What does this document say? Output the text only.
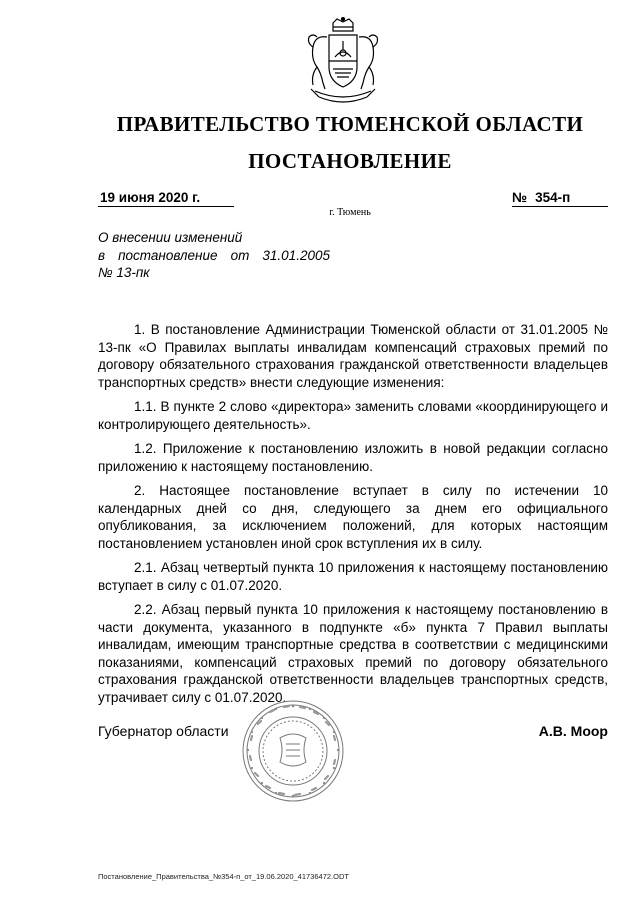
ПРАВИТЕЛЬСТВО ТЮМЕНСКОЙ ОБЛАСТИ
ПОСТАНОВЛЕНИЕ
19 июня 2020 г.	№ 354-п
г. Тюмень
О внесении изменений
в постановление от 31.01.2005
№ 13-пк

1. В постановление Администрации Тюменской области от 31.01.2005 № 13-пк «О Правилах выплаты инвалидам компенсаций страховых премий по договору обязательного страхования гражданской ответственности владельцев транспортных средств» внести следующие изменения:

1.1. В пункте 2 слово «директора» заменить словами «координирующего и контролирующего деятельность».

1.2. Приложение к постановлению изложить в новой редакции согласно приложению к настоящему постановлению.

2. Настоящее постановление вступает в силу по истечении 10 календарных дней со дня, следующего за днем его официального опубликования, за исключением положений, для которых настоящим постановлением установлен иной срок вступления их в силу.

2.1. Абзац четвертый пункта 10 приложения к настоящему постановлению вступает в силу с 01.07.2020.

2.2. Абзац первый пункта 10 приложения к настоящему постановлению в части документа, указанного в подпункте «б» пункта 7 Правил выплаты инвалидам, имеющим транспортные средства в соответствии с медицинскими показаниями, компенсаций страховых премий по договору обязательного страхования гражданской ответственности владельцев транспортных средств, утрачивает силу с 01.07.2020.

Губернатор области	А.В. Моор
Постановление_Правительства_№354-п_от_19.06.2020_41736472.ODT
